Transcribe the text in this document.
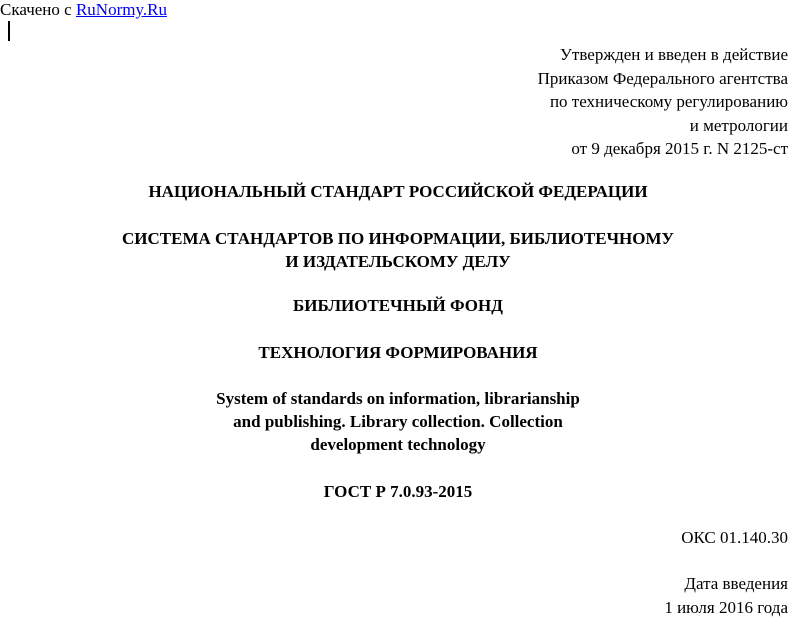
Скачено с RuNormy.Ru
Утвержден и введен в действие
Приказом Федерального агентства
по техническому регулированию
и метрологии
от 9 декабря 2015 г. N 2125-ст
НАЦИОНАЛЬНЫЙ СТАНДАРТ РОССИЙСКОЙ ФЕДЕРАЦИИ
СИСТЕМА СТАНДАРТОВ ПО ИНФОРМАЦИИ, БИБЛИОТЕЧНОМУ
И ИЗДАТЕЛЬСКОМУ ДЕЛУ
БИБЛИОТЕЧНЫЙ ФОНД
ТЕХНОЛОГИЯ ФОРМИРОВАНИЯ
System of standards on information, librarianship
and publishing. Library collection. Collection
development technology
ГОСТ Р 7.0.93-2015
ОКС 01.140.30
Дата введения
1 июля 2016 года
